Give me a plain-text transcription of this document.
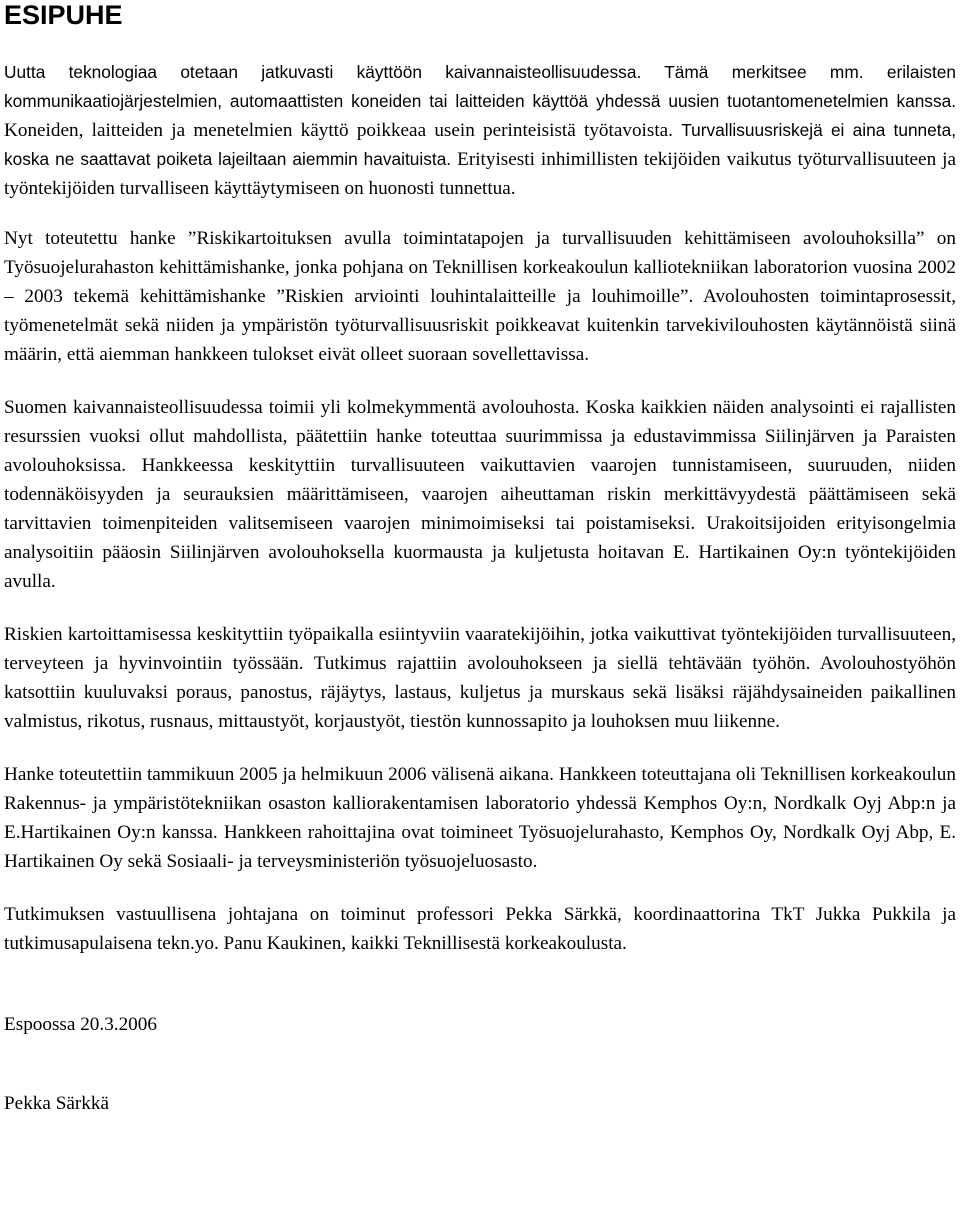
ESIPUHE

Uutta teknologiaa otetaan jatkuvasti käyttöön kaivannaisteollisuudessa. Tämä merkitsee mm. erilaisten kommunikaatiojärjestelmien, automaattisten koneiden tai laitteiden käyttöä yhdessä uusien tuotantomenetelmien kanssa. Koneiden, laitteiden ja menetelmien käyttö poikkeaa usein perinteisistä työtavoista. Turvallisuusriskejä ei aina tunneta, koska ne saattavat poiketa lajeiltaan aiemmin havaituista. Erityisesti inhimillisten tekijöiden vaikutus työturvallisuuteen ja työntekijöiden turvalliseen käyttäytymiseen on huonosti tunnettua.

Nyt toteutettu hanke ”Riskikartoituksen avulla toimintatapojen ja turvallisuuden kehittämiseen avolouhoksilla” on Työsuojelurahaston kehittämishanke, jonka pohjana on Teknillisen korkeakoulun kalliotekniikan laboratorion vuosina 2002 – 2003 tekemä kehittämishanke ”Riskien arviointi louhintalaitteille ja louhimoille”. Avolouhosten toimintaprosessit, työmenetelmät sekä niiden ja ympäristön työturvallisuusriskit poikkeavat kuitenkin tarvekivilouhosten käytännöistä siinä määrin, että aiemman hankkeen tulokset eivät olleet suoraan sovellettavissa.

Suomen kaivannaisteollisuudessa toimii yli kolmekymmentä avolouhosta. Koska kaikkien näiden analysointi ei rajallisten resurssien vuoksi ollut mahdollista, päätettiin hanke toteuttaa suurimmissa ja edustavimmissa Siilinjärven ja Paraisten avolouhoksissa. Hankkeessa keskityttiin turvallisuuteen vaikuttavien vaarojen tunnistamiseen, suuruuden, niiden todennäköisyyden ja seurauksien määrittämiseen, vaarojen aiheuttaman riskin merkittävyydestä päättämiseen sekä tarvittavien toimenpiteiden valitsemiseen vaarojen minimoimiseksi tai poistamiseksi. Urakoitsijoiden erityisongelmia analysoitiin pääosin Siilinjärven avolouhoksella kuormausta ja kuljetusta hoitavan E. Hartikainen Oy:n työntekijöiden avulla.

Riskien kartoittamisessa keskityttiin työpaikalla esiintyviin vaaratekijöihin, jotka vaikuttivat työntekijöiden turvallisuuteen, terveyteen ja hyvinvointiin työssään. Tutkimus rajattiin avolouhokseen ja siellä tehtävään työhön. Avolouhostyöhön katsottiin kuuluvaksi poraus, panostus, räjäytys, lastaus, kuljetus ja murskaus sekä lisäksi räjähdysaineiden paikallinen valmistus, rikotus, rusnaus, mittaustyöt, korjaustyöt, tiestön kunnossapito ja louhoksen muu liikenne.

Hanke toteutettiin tammikuun 2005 ja helmikuun 2006 välisenä aikana. Hankkeen toteuttajana oli Teknillisen korkeakoulun Rakennus- ja ympäristötekniikan osaston kalliorakentamisen laboratorio yhdessä Kemphos Oy:n, Nordkalk Oyj Abp:n ja E.Hartikainen Oy:n kanssa. Hankkeen rahoittajina ovat toimineet Työsuojelurahasto, Kemphos Oy, Nordkalk Oyj Abp, E. Hartikainen Oy sekä Sosiaali- ja terveysministeriön työsuojeluosasto.

Tutkimuksen vastuullisena johtajana on toiminut professori Pekka Särkkä, koordinaattorina TkT Jukka Pukkila ja tutkimusapulaisena tekn.yo. Panu Kaukinen, kaikki Teknillisestä korkeakoulusta.

Espoossa 20.3.2006

Pekka Särkkä
